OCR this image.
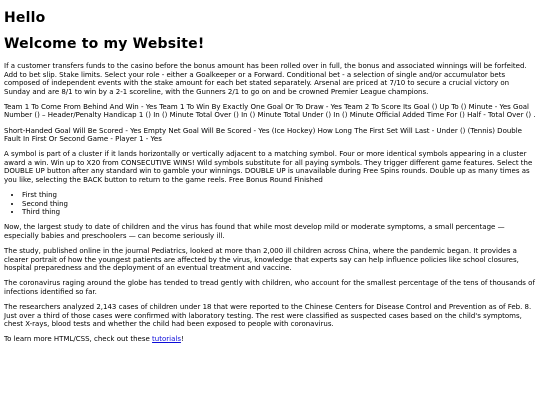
Hello
Welcome to my Website!

If a customer transfers funds to the casino before the bonus amount has been rolled over in full, the bonus and associated winnings will be forfeited. Add to bet slip. Stake limits. Select your role - either a Goalkeeper or a Forward. Conditional bet - a selection of single and/or accumulator bets composed of independent events with the stake amount for each bet stated separately. Arsenal are priced at 7/10 to secure a crucial victory on Sunday and are 8/1 to win by a 2-1 scoreline, with the Gunners 2/1 to go on and be crowned Premier League champions.

Team 1 To Come From Behind And Win - Yes Team 1 To Win By Exactly One Goal Or To Draw - Yes Team 2 To Score Its Goal () Up To () Minute - Yes Goal Number () – Header/Penalty Handicap 1 () In () Minute Total Over () In () Minute Total Under () In () Minute Official Added Time For () Half - Total Over () .

Short-Handed Goal Will Be Scored - Yes Empty Net Goal Will Be Scored - Yes (Ice Hockey) How Long The First Set Will Last - Under () (Tennis) Double Fault In First Or Second Game - Player 1 - Yes

A symbol is part of a cluster if it lands horizontally or vertically adjacent to a matching symbol. Four or more identical symbols appearing in a cluster award a win. Win up to X20 from CONSECUTIVE WINS! Wild symbols substitute for all paying symbols. They trigger different game features. Select the DOUBLE UP button after any standard win to gamble your winnings. DOUBLE UP is unavailable during Free Spins rounds. Double up as many times as you like, selecting the BACK button to return to the game reels. Free Bonus Round Finished

• First thing
• Second thing
• Third thing

Now, the largest study to date of children and the virus has found that while most develop mild or moderate symptoms, a small percentage — especially babies and preschoolers — can become seriously ill.

The study, published online in the journal Pediatrics, looked at more than 2,000 ill children across China, where the pandemic began. It provides a clearer portrait of how the youngest patients are affected by the virus, knowledge that experts say can help influence policies like school closures, hospital preparedness and the deployment of an eventual treatment and vaccine.

The coronavirus raging around the globe has tended to tread gently with children, who account for the smallest percentage of the tens of thousands of infections identified so far.

The researchers analyzed 2,143 cases of children under 18 that were reported to the Chinese Centers for Disease Control and Prevention as of Feb. 8. Just over a third of those cases were confirmed with laboratory testing. The rest were classified as suspected cases based on the child's symptoms, chest X-rays, blood tests and whether the child had been exposed to people with coronavirus.

To learn more HTML/CSS, check out these tutorials!
